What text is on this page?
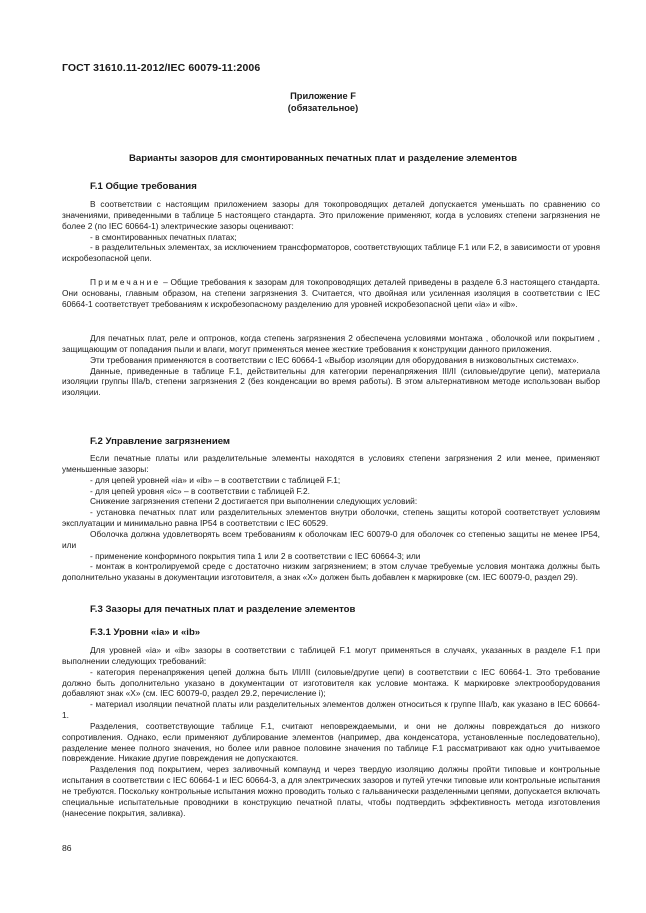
ГОСТ 31610.11-2012/IEC 60079-11:2006
Приложение F
(обязательное)
Варианты зазоров для смонтированных печатных плат и разделение элементов
F.1 Общие требования

В соответствии с настоящим приложением зазоры для токопроводящих деталей допускается уменьшать по сравнению со значениями, приведенными в таблице 5 настоящего стандарта. Это приложение применяют, когда в условиях степени загрязнения не более 2 (по IEC 60664-1) электрические зазоры оценивают:

- в смонтированных печатных платах;

- в разделительных элементах, за исключением трансформаторов, соответствующих таблице F.1 или F.2, в зависимости от уровня искробезопасной цепи.

Примечание – Общие требования к зазорам для токопроводящих деталей приведены в разделе 6.3 настоящего стандарта. Они основаны, главным образом, на степени загрязнения 3. Считается, что двойная или усиленная изоляция в соответствии с IEC 60664-1 соответствует требованиям к искробезопасному разделению для уровней искробезопасной цепи «ia» и «ib».

Для печатных плат, реле и оптронов, когда степень загрязнения 2 обеспечена условиями монтажа , оболочкой или покрытием , защищающим от попадания пыли и влаги, могут применяться менее жесткие требования к конструкции данного приложения.

Эти требования применяются в соответствии с IEC 60664-1 «Выбор изоляции для оборудования в низковольтных системах».

Данные, приведенные в таблице F.1, действительны для категории перенапряжения III/II (силовые/другие цепи), материала изоляции группы IIIa/b, степени загрязнения 2 (без конденсации во время работы). В этом альтернативном методе использован выбор изоляции.

F.2 Управление загрязнением

Если печатные платы или разделительные элементы находятся в условиях степени загрязнения 2 или менее, применяют уменьшенные зазоры:

- для цепей уровней «ia» и «ib» – в соответствии с таблицей F.1;

- для цепей уровня «ic» – в соответствии с таблицей F.2.

Снижение загрязнения степени 2 достигается при выполнении следующих условий:

- установка печатных плат или разделительных элементов внутри оболочки, степень защиты которой соответствует условиям эксплуатации и минимально равна IP54 в соответствии с IEC 60529.

Оболочка должна удовлетворять всем требованиям к оболочкам IEC 60079-0 для оболочек со степенью защиты не менее IP54, или

- применение конформного покрытия типа 1 или 2 в соответствии с IEC 60664-3; или

- монтаж в контролируемой среде с достаточно низким загрязнением; в этом случае требуемые условия монтажа должны быть дополнительно указаны в документации изготовителя, а знак «X» должен быть добавлен к маркировке (см. IEC 60079-0, раздел 29).

F.3 Зазоры для печатных плат и разделение элементов
F.3.1 Уровни «ia» и «ib»

Для уровней «ia» и «ib» зазоры в соответствии с таблицей F.1 могут применяться в случаях, указанных в разделе F.1 при выполнении следующих требований:

- категория перенапряжения цепей должна быть I/II/III (силовые/другие цепи) в соответствии с IEC 60664-1. Это требование должно быть дополнительно указано в документации от изготовителя как условие монтажа. К маркировке электрооборудования добавляют знак «X» (см. IEC 60079-0, раздел 29.2, перечисление i);

- материал изоляции печатной платы или разделительных элементов должен относиться к группе IIIa/b, как указано в IEC 60664-1.

Разделения, соответствующие таблице F.1, считают неповреждаемыми, и они не должны повреждаться до низкого сопротивления. Однако, если применяют дублирование элементов (например, два конденсатора, установленные последовательно), разделение менее полного значения, но более или равное половине значения по таблице F.1 рассматривают как одно учитываемое повреждение. Никакие другие повреждения не допускаются.

Разделения под покрытием, через заливочный компаунд и через твердую изоляцию должны пройти типовые и контрольные испытания в соответствии с IEC 60664-1 и IEC 60664-3, а для электрических зазоров и путей утечки типовые или контрольные испытания не требуются. Поскольку контрольные испытания можно проводить только с гальванически разделенными цепями, допускается включать специальные испытательные проводники в конструкцию печатной платы, чтобы подтвердить эффективность метода изготовления (нанесение покрытия, заливка).

86
